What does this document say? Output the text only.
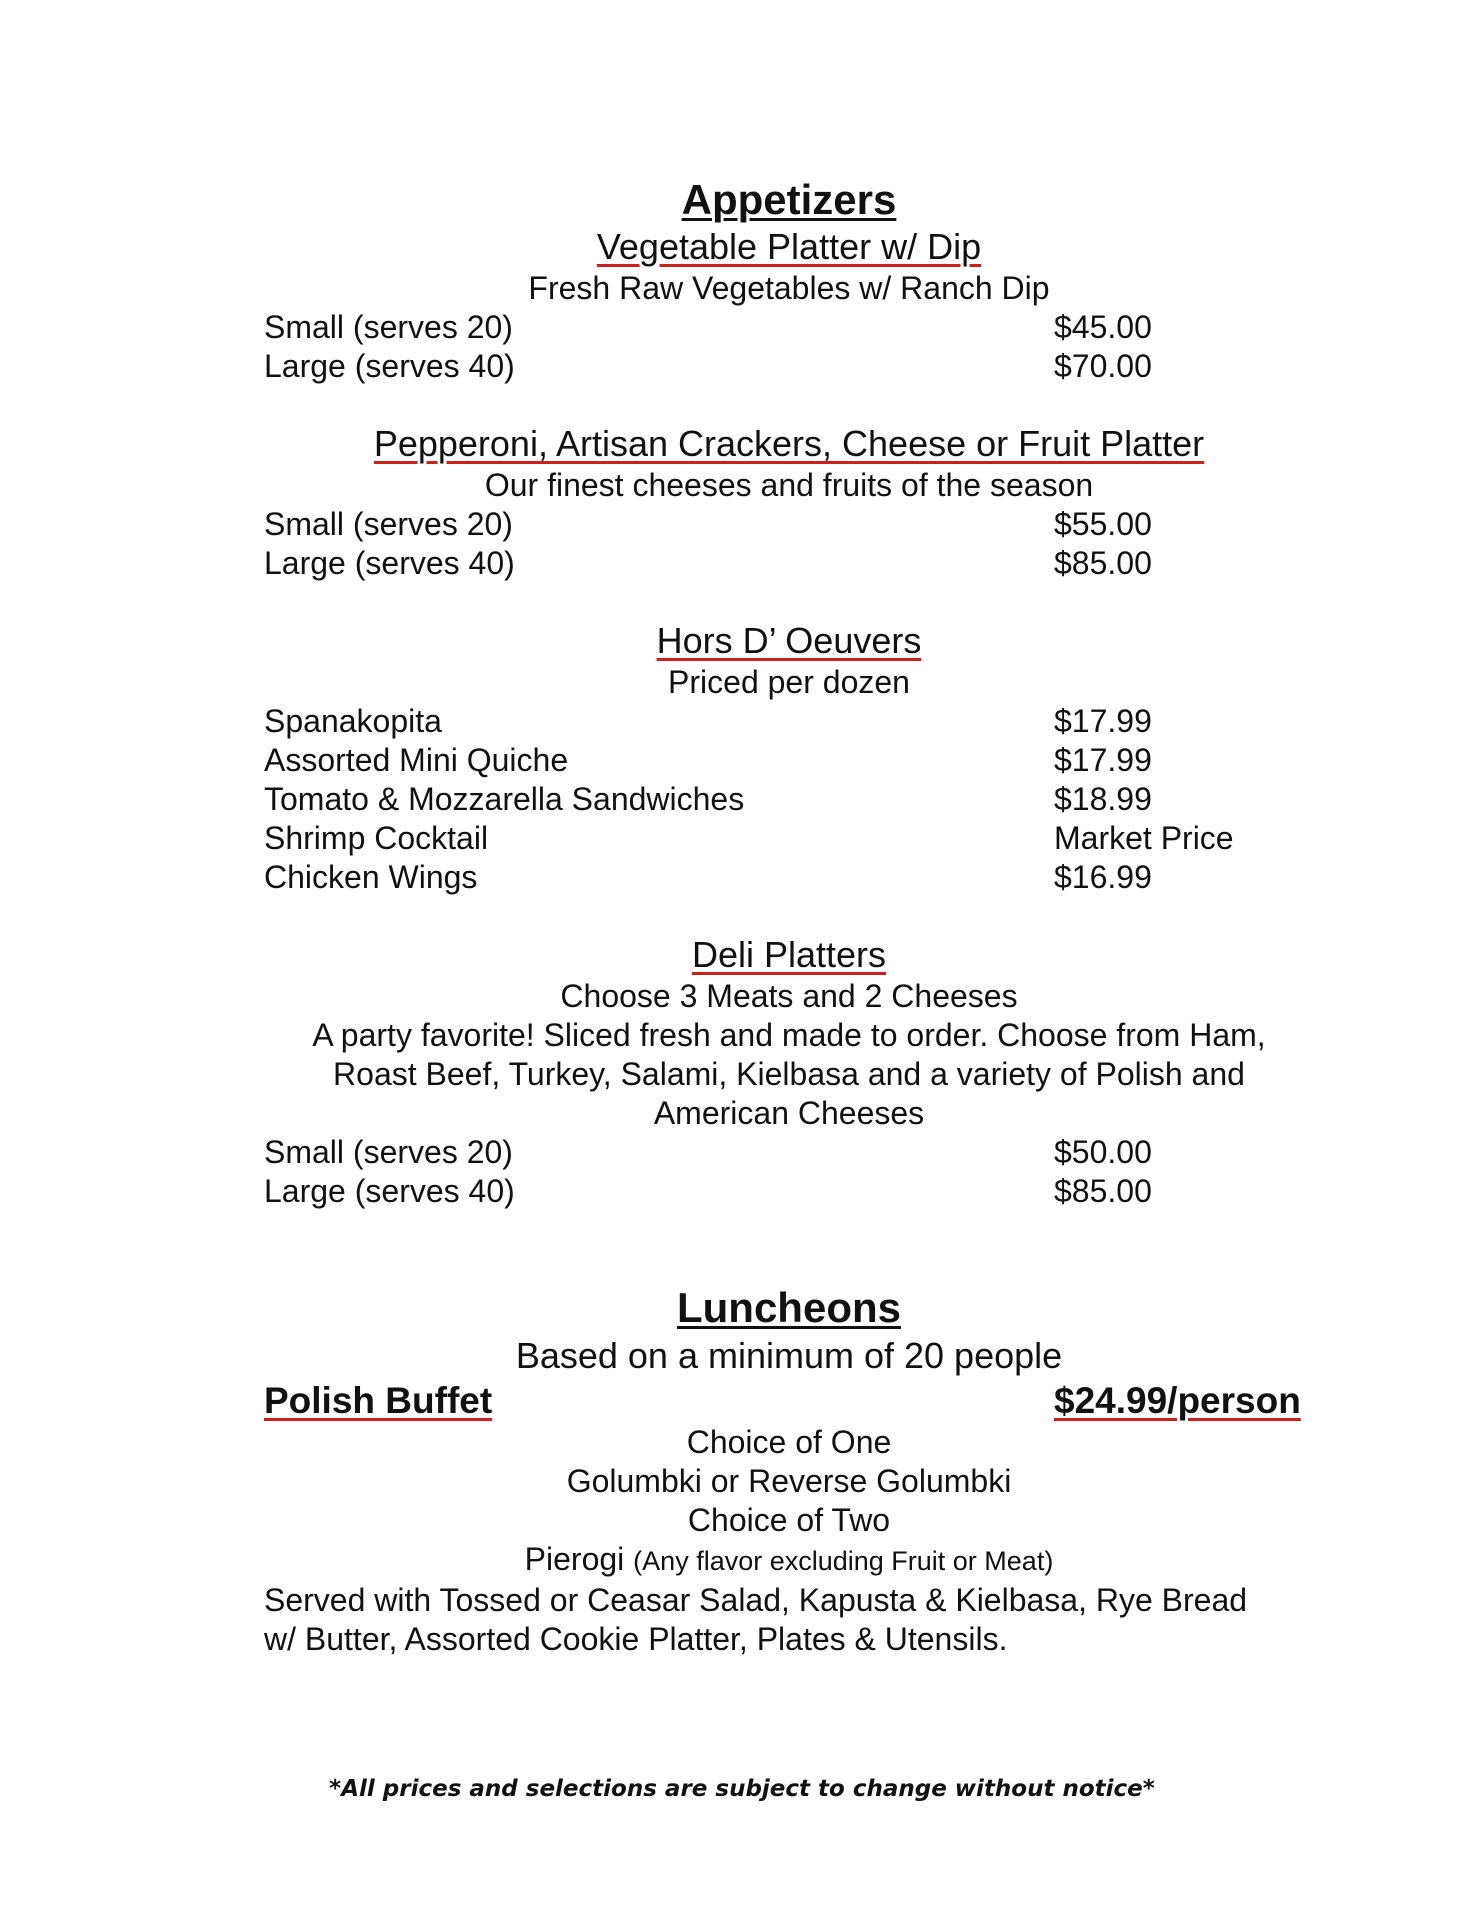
Appetizers
Vegetable Platter w/ Dip
Fresh Raw Vegetables w/ Ranch Dip
Small (serves 20)	$45.00
Large (serves 40)	$70.00
Pepperoni, Artisan Crackers, Cheese or Fruit Platter
Our finest cheeses and fruits of the season
Small (serves 20)	$55.00
Large (serves 40)	$85.00
Hors D’ Oeuvers
Priced per dozen
Spanakopita	$17.99
Assorted Mini Quiche	$17.99
Tomato & Mozzarella Sandwiches	$18.99
Shrimp Cocktail	Market Price
Chicken Wings	$16.99
Deli Platters
Choose 3 Meats and 2 Cheeses
A party favorite! Sliced fresh and made to order. Choose from Ham,
Roast Beef, Turkey, Salami, Kielbasa and a variety of Polish and
American Cheeses
Small (serves 20)	$50.00
Large (serves 40)	$85.00
Luncheons
Based on a minimum of 20 people
Polish Buffet	$24.99/person
Choice of One
Golumbki or Reverse Golumbki
Choice of Two
Pierogi (Any flavor excluding Fruit or Meat)
Served with Tossed or Ceasar Salad, Kapusta & Kielbasa, Rye Bread
w/ Butter, Assorted Cookie Platter, Plates & Utensils.
*All prices and selections are subject to change without notice*
